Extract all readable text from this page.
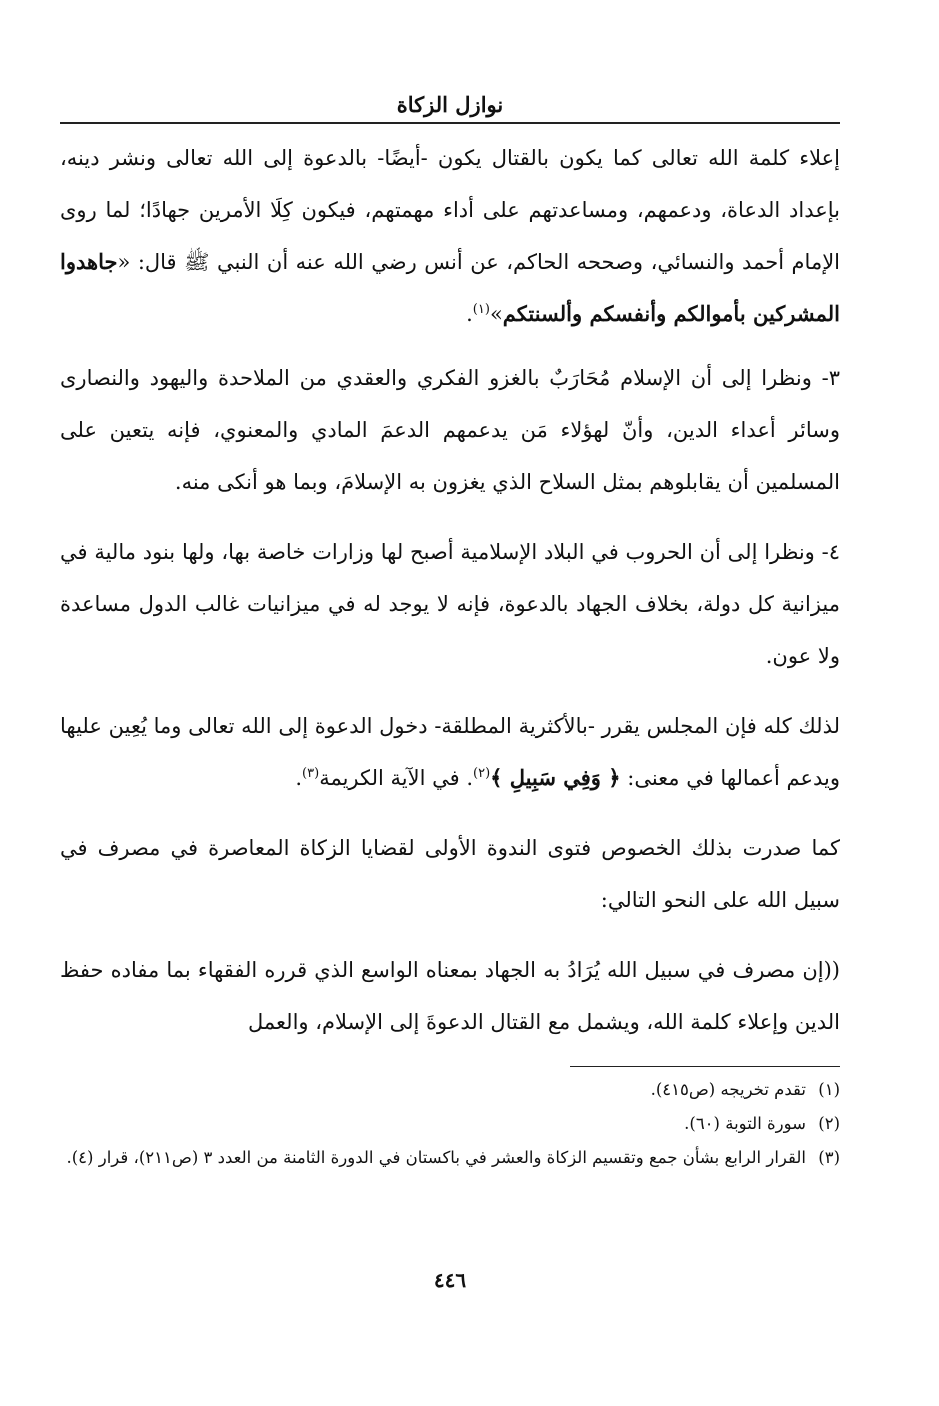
نوازل الزكاة

إعلاء كلمة الله تعالى كما يكون بالقتال يكون -أيضًا- بالدعوة إلى الله تعالى ونشر دينه، بإعداد الدعاة، ودعمهم، ومساعدتهم على أداء مهمتهم، فيكون كِلَا الأمرين جهادًا؛ لما روى الإمام أحمد والنسائي، وصححه الحاكم، عن أنس رضي الله عنه أن النبي ﷺ قال: «جاهدوا المشركين بأموالكم وأنفسكم وألسنتكم»$^{(١)}$.

٣- ونظرا إلى أن الإسلام مُحَارَبٌ بالغزو الفكري والعقدي من الملاحدة واليهود والنصارى وسائر أعداء الدين، وأنّ لهؤلاء مَن يدعمهم الدعمَ المادي والمعنوي، فإنه يتعين على المسلمين أن يقابلوهم بمثل السلاح الذي يغزون به الإسلامَ، وبما هو أنكى منه.

٤- ونظرا إلى أن الحروب في البلاد الإسلامية أصبح لها وزارات خاصة بها، ولها بنود مالية في ميزانية كل دولة، بخلاف الجهاد بالدعوة، فإنه لا يوجد له في ميزانيات غالب الدول مساعدة ولا عون.

لذلك كله فإن المجلس يقرر -بالأكثرية المطلقة- دخول الدعوة إلى الله تعالى وما يُعِين عليها ويدعم أعمالها في معنى: ﴿ وَفِي سَبِيلِ ﴾$^{(٢)}$. في الآية الكريمة$^{(٣)}$.

كما صدرت بذلك الخصوص فتوى الندوة الأولى لقضايا الزكاة المعاصرة في مصرف في سبيل الله على النحو التالي:

((إن مصرف في سبيل الله يُرَادُ به الجهاد بمعناه الواسع الذي قرره الفقهاء بما مفاده حفظ الدين وإعلاء كلمة الله، ويشمل مع القتال الدعوةَ إلى الإسلام، والعمل

(١)
تقدم تخريجه (ص٤١٥).
(٢)
سورة التوبة (٦٠).
(٣)
القرار الرابع بشأن جمع وتقسيم الزكاة والعشر في باكستان في الدورة الثامنة من العدد ٣ (ص٢١١)، قرار (٤).
٤٤٦
